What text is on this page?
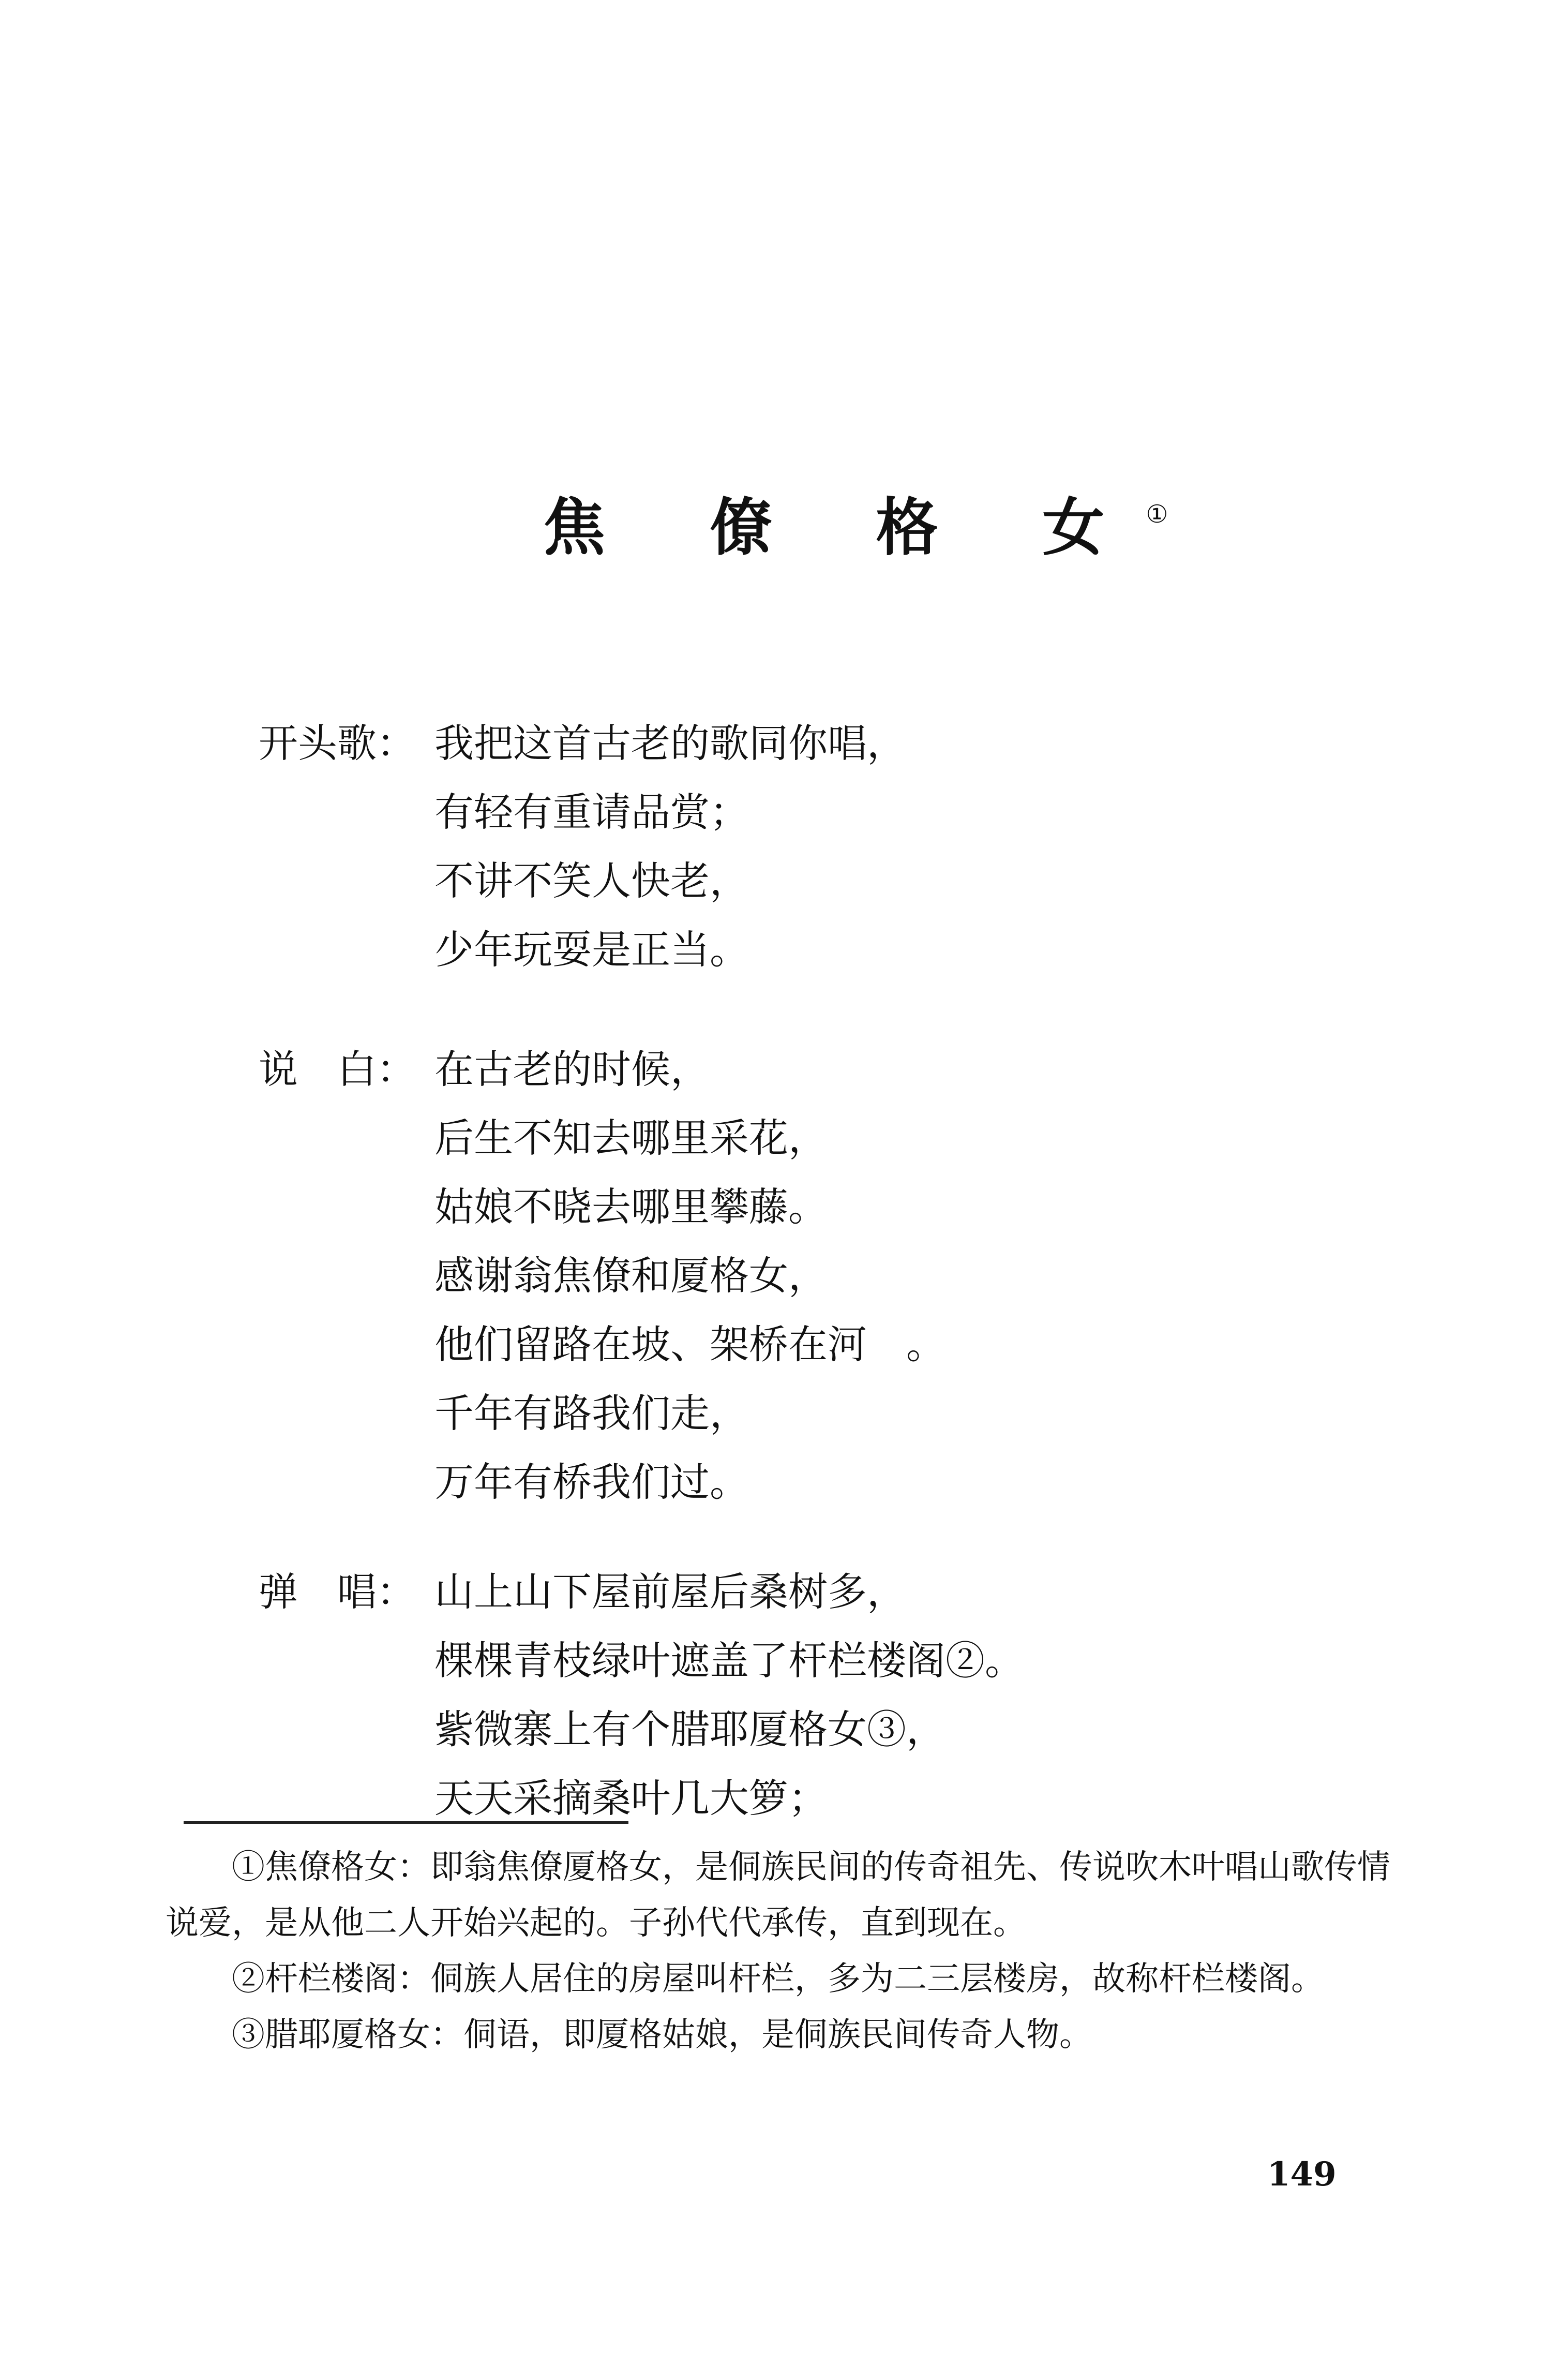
焦 僚 格 女①
开头歌： 我把这首古老的歌同你唱，
有轻有重请品赏；
不讲不笑人快老，
少年玩耍是正当。
说　白： 在古老的时候，
后生不知去哪里采花，
姑娘不晓去哪里攀藤。
感谢翁焦僚和厦格女，
他们留路在坡、架桥在河　。
千年有路我们走，
万年有桥我们过。
弹　唱： 山上山下屋前屋后桑树多，
棵棵青枝绿叶遮盖了杆栏楼阁②。
紫微寨上有个腊耶厦格女③，
天天采摘桑叶几大箩；
①焦僚格女：即翁焦僚厦格女，是侗族民间的传奇祖先、传说吹木叶唱山歌传情说爱，是从他二人开始兴起的。子孙代代承传，直到现在。
②杆栏楼阁：侗族人居住的房屋叫杆栏，多为二三层楼房，故称杆栏楼阁。
③腊耶厦格女：侗语，即厦格姑娘，是侗族民间传奇人物。
149
